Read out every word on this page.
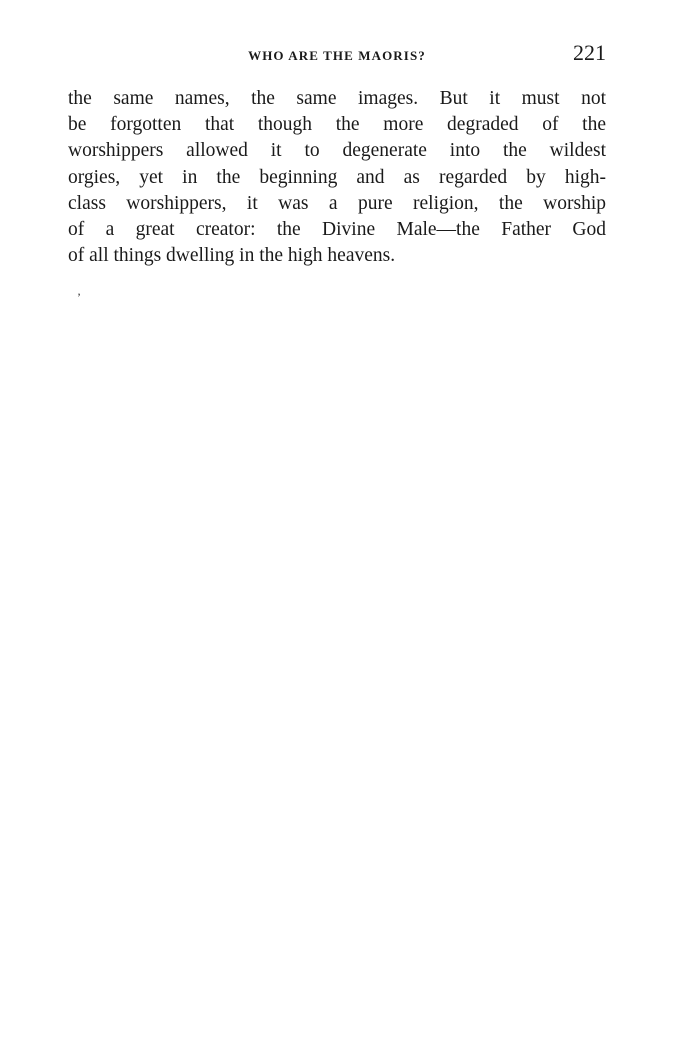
WHO ARE THE MAORIS?	221
the same names, the same images. But it must not
be forgotten that though the more degraded of the
worshippers allowed it to degenerate into the wildest
orgies, yet in the beginning and as regarded by high-
class worshippers, it was a pure religion, the worship
of a great creator: the Divine Male—the Father God
of all things dwelling in the high heavens.
’
